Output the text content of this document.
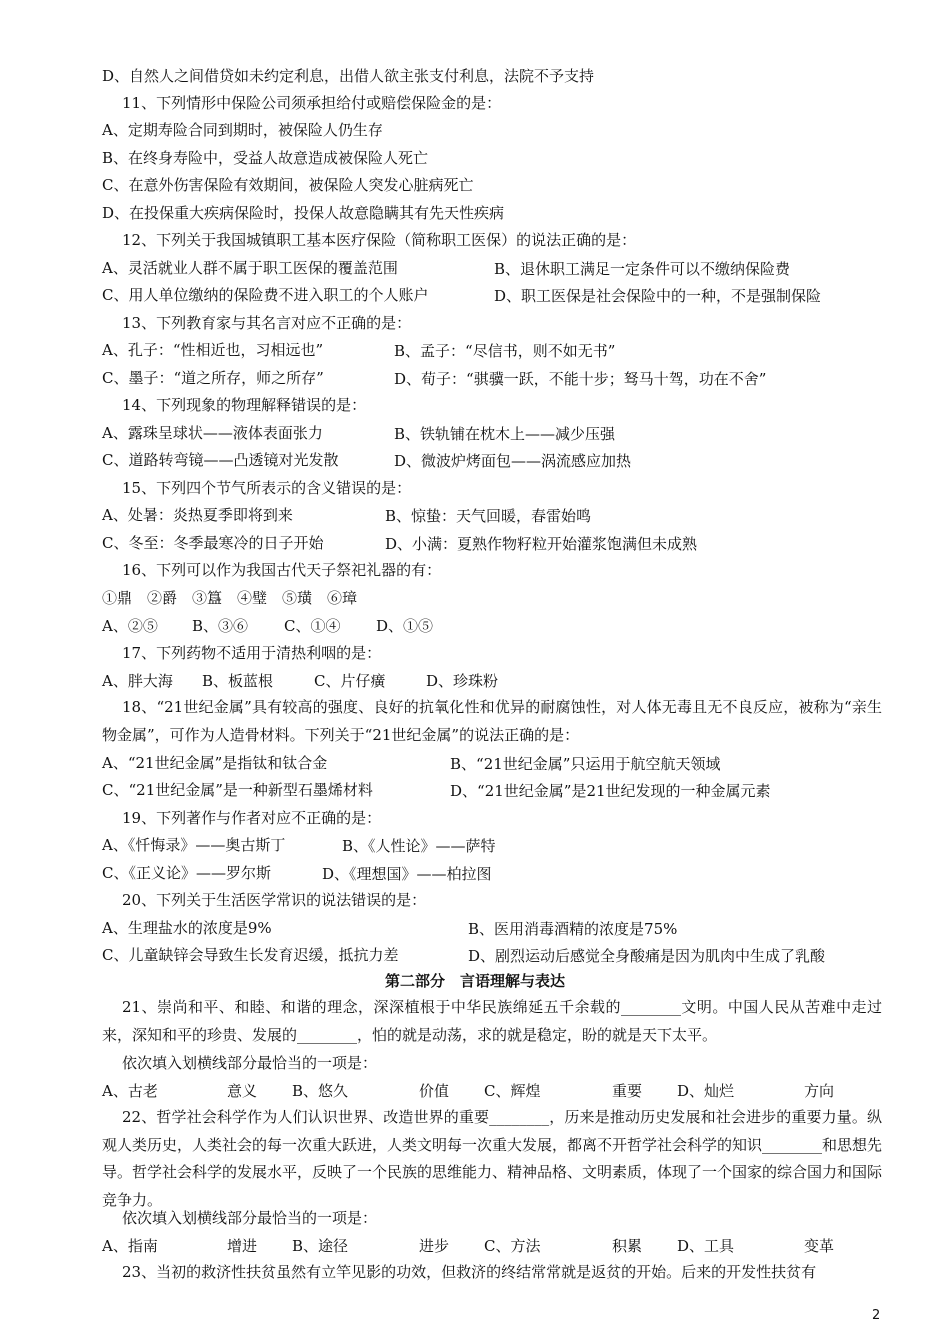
D、自然人之间借贷如未约定利息，出借人欲主张支付利息，法院不予支持
11、下列情形中保险公司须承担给付或赔偿保险金的是：
A、定期寿险合同到期时，被保险人仍生存
B、在终身寿险中，受益人故意造成被保险人死亡
C、在意外伤害保险有效期间，被保险人突发心脏病死亡
D、在投保重大疾病保险时，投保人故意隐瞒其有先天性疾病
12、下列关于我国城镇职工基本医疗保险（简称职工医保）的说法正确的是：
A、灵活就业人群不属于职工医保的覆盖范围	B、退休职工满足一定条件可以不缴纳保险费
C、用人单位缴纳的保险费不进入职工的个人账户	D、职工医保是社会保险中的一种，不是强制保险
13、下列教育家与其名言对应不正确的是：
A、孔子：“性相近也，习相远也”	B、孟子：“尽信书，则不如无书”
C、墨子：“道之所存，师之所存”	D、荀子：“骐骥一跃，不能十步；驽马十驾，功在不舍”
14、下列现象的物理解释错误的是：
A、露珠呈球状——液体表面张力	B、铁轨铺在枕木上——减少压强
C、道路转弯镜——凸透镜对光发散	D、微波炉烤面包——涡流感应加热
15、下列四个节气所表示的含义错误的是：
A、处暑：炎热夏季即将到来	B、惊蛰：天气回暖，春雷始鸣
C、冬至：冬季最寒冷的日子开始	D、小满：夏熟作物籽粒开始灌浆饱满但未成熟
16、下列可以作为我国古代天子祭祀礼器的有：
①鼎　②爵　③簋　④璧　⑤璜　⑥璋
A、②⑤ B、③⑥ C、①④ D、①⑤
17、下列药物不适用于清热利咽的是：
A、胖大海 B、板蓝根	C、片仔癀	D、珍珠粉
18、“21世纪金属”具有较高的强度、良好的抗氧化性和优异的耐腐蚀性，对人体无毒且无不良反应，被称为“亲生物金属”，可作为人造骨材料。下列关于“21世纪金属”的说法正确的是：
A、“21世纪金属”是指钛和钛合金	B、“21世纪金属”只运用于航空航天领域
C、“21世纪金属”是一种新型石墨烯材料	D、“21世纪金属”是21世纪发现的一种金属元素
19、下列著作与作者对应不正确的是：
A、《忏悔录》——奥古斯丁	B、《人性论》——萨特
C、《正义论》——罗尔斯	D、《理想国》——柏拉图
20、下列关于生活医学常识的说法错误的是：
A、生理盐水的浓度是9%	B、医用消毒酒精的浓度是75%
C、儿童缺锌会导致生长发育迟缓，抵抗力差	D、剧烈运动后感觉全身酸痛是因为肌肉中生成了乳酸
第二部分　言语理解与表达
21、崇尚和平、和睦、和谐的理念，深深植根于中华民族绵延五千余载的________文明。中国人民从苦难中走过来，深知和平的珍贵、发展的________，怕的就是动荡，求的就是稳定，盼的就是天下太平。
依次填入划横线部分最恰当的一项是：
A、古老	意义 B、悠久	价值 C、辉煌	重要 D、灿烂	方向
22、哲学社会科学作为人们认识世界、改造世界的重要________，历来是推动历史发展和社会进步的重要力量。纵观人类历史，人类社会的每一次重大跃进，人类文明每一次重大发展，都离不开哲学社会科学的知识________和思想先导。哲学社会科学的发展水平，反映了一个民族的思维能力、精神品格、文明素质，体现了一个国家的综合国力和国际竞争力。
依次填入划横线部分最恰当的一项是：
A、指南	增进 B、途径	进步 C、方法	积累 D、工具	变革
23、当初的救济性扶贫虽然有立竿见影的功效，但救济的终结常常就是返贫的开始。后来的开发性扶贫有
2
